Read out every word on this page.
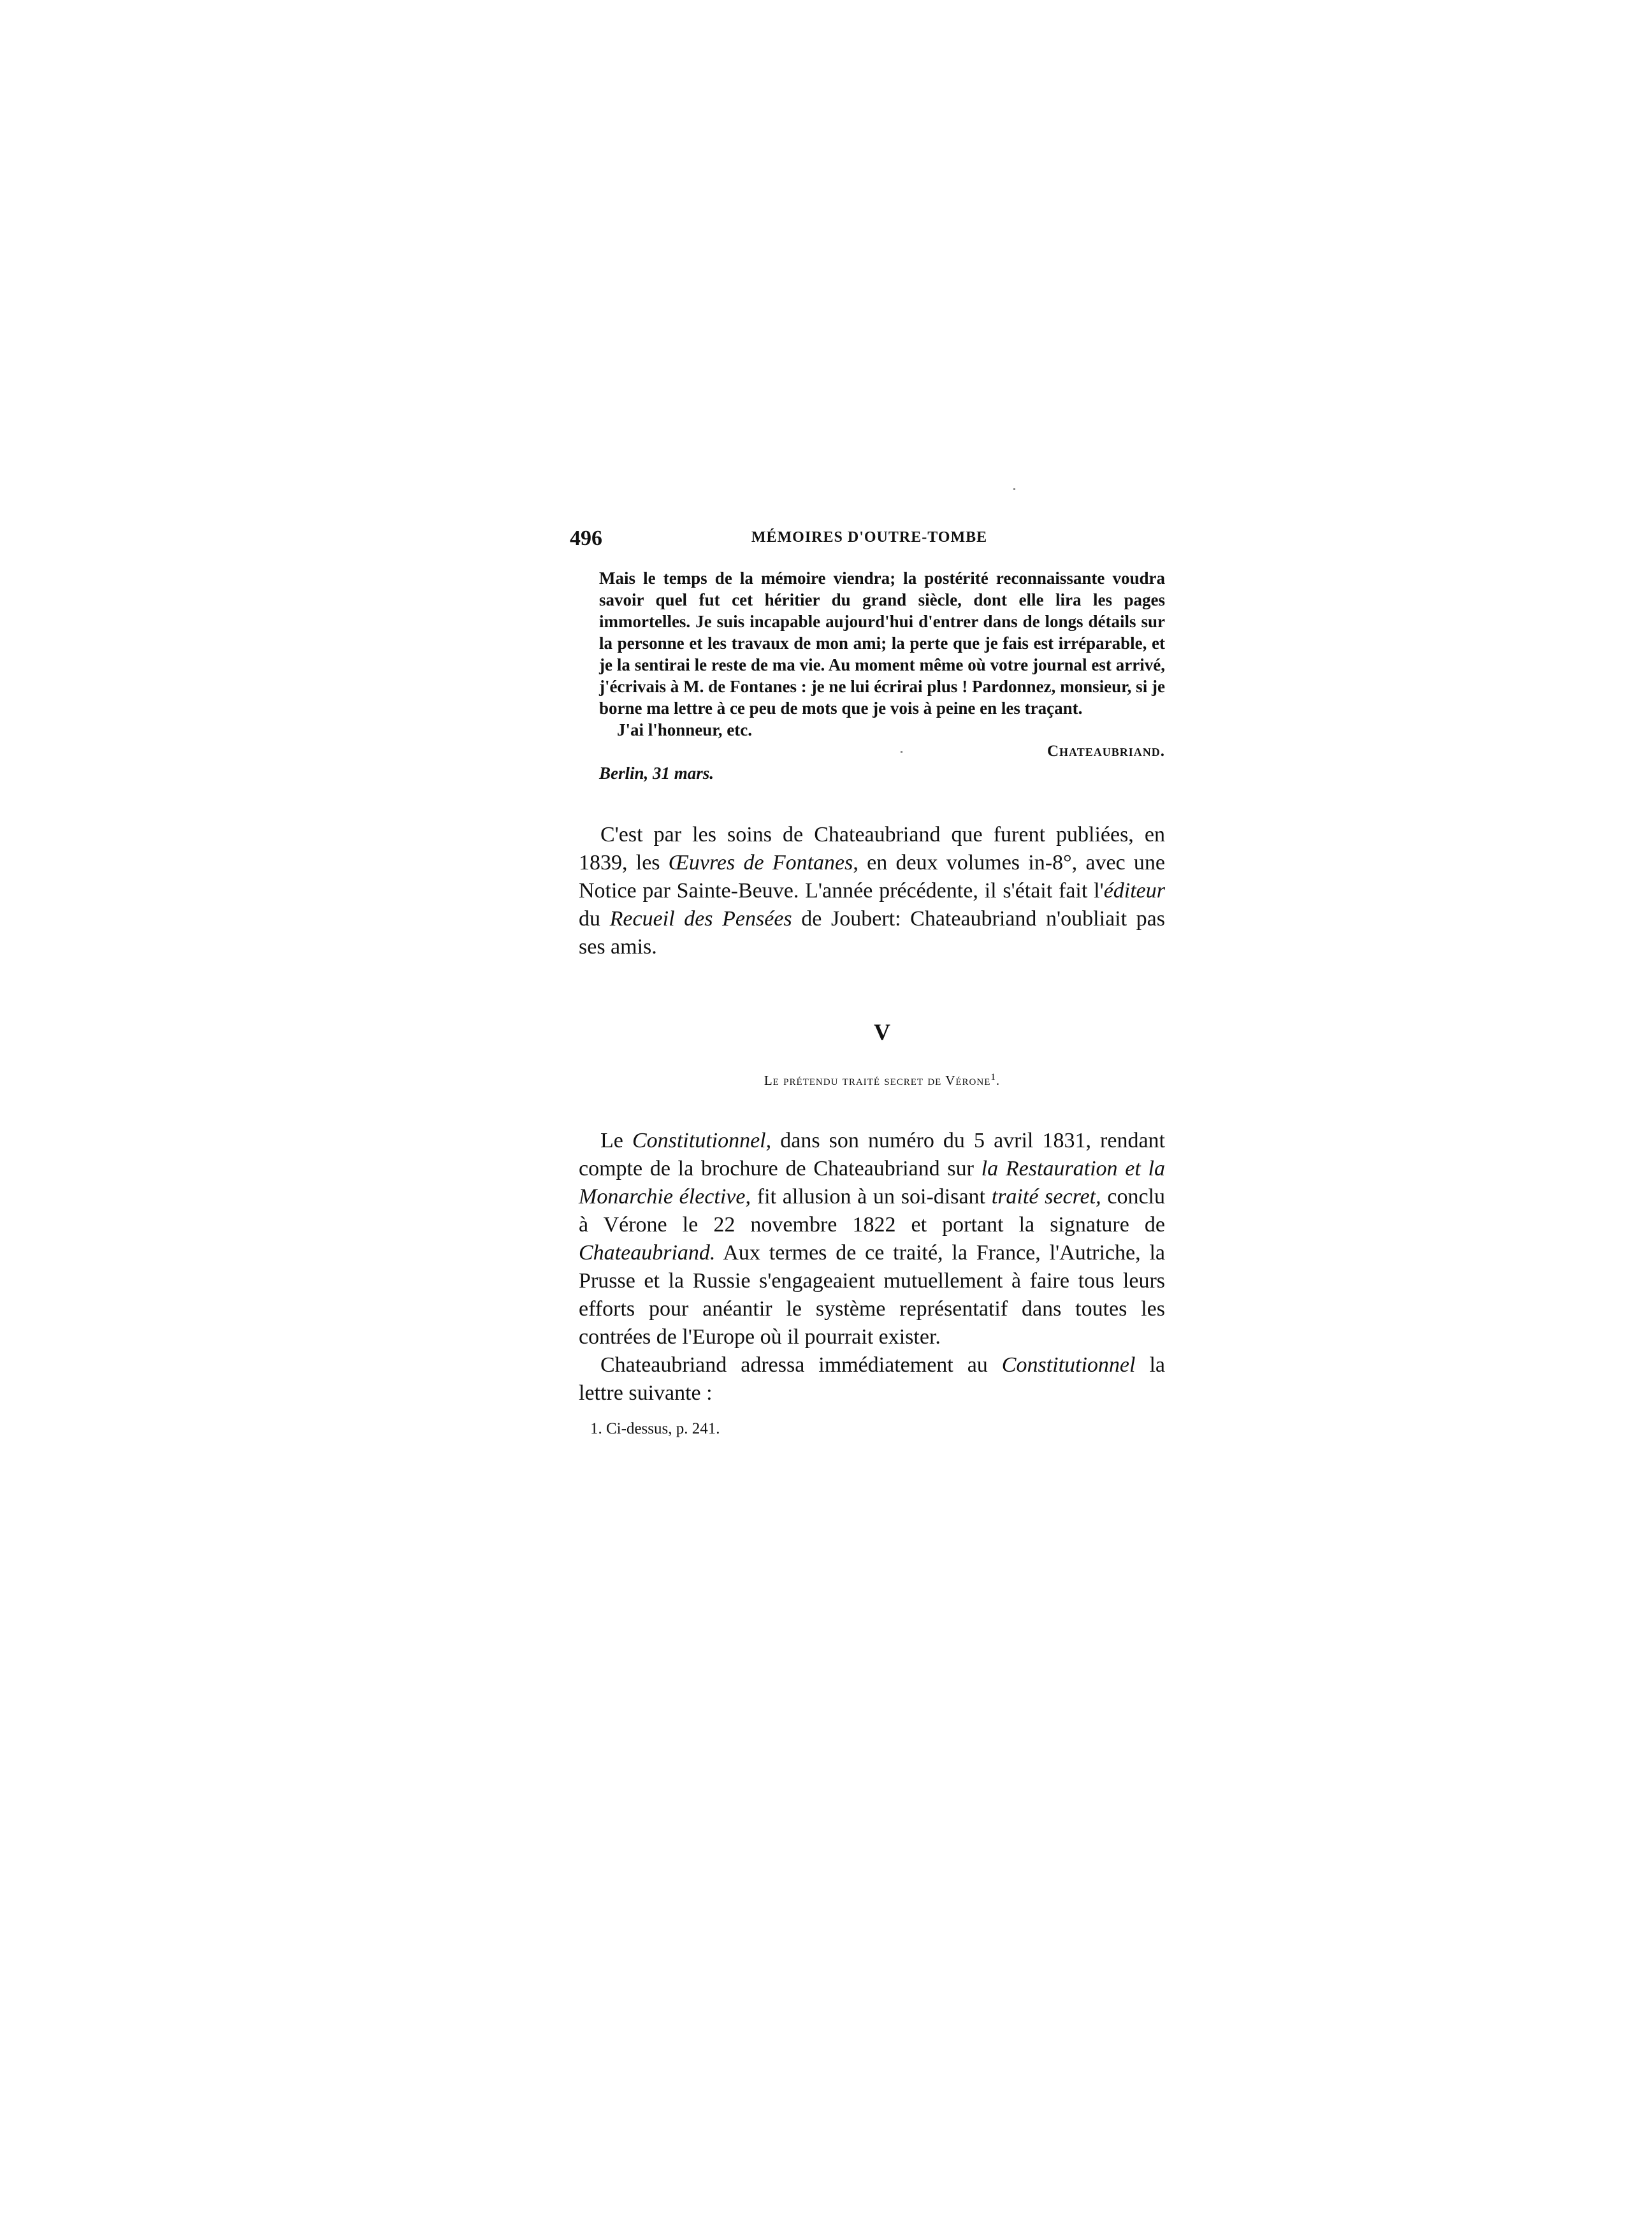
496	MÉMOIRES D'OUTRE-TOMBE

Mais le temps de la mémoire viendra; la postérité reconnaissante voudra savoir quel fut cet héritier du grand siècle, dont elle lira les pages immortelles. Je suis incapable aujourd'hui d'entrer dans de longs détails sur la personne et les travaux de mon ami; la perte que je fais est irréparable, et je la sentirai le reste de ma vie. Au moment même où votre journal est arrivé, j'écrivais à M. de Fontanes : je ne lui écrirai plus ! Pardonnez, monsieur, si je borne ma lettre à ce peu de mots que je vois à peine en les traçant.

J'ai l'honneur, etc.

Chateaubriand.

Berlin, 31 mars.

C'est par les soins de Chateaubriand que furent publiées, en 1839, les Œuvres de Fontanes, en deux volumes in-8°, avec une Notice par Sainte-Beuve. L'année précédente, il s'était fait l'éditeur du Recueil des Pensées de Joubert: Chateaubriand n'oubliait pas ses amis.

V
Le prétendu traité secret de Vérone$^1$.

Le Constitutionnel, dans son numéro du 5 avril 1831, rendant compte de la brochure de Chateaubriand sur la Restauration et la Monarchie élective, fit allusion à un soi-disant traité secret, conclu à Vérone le 22 novembre 1822 et portant la signature de Chateaubriand. Aux termes de ce traité, la France, l'Autriche, la Prusse et la Russie s'engageaient mutuellement à faire tous leurs efforts pour anéantir le système représentatif dans toutes les contrées de l'Europe où il pourrait exister.

Chateaubriand adressa immédiatement au Constitutionnel la lettre suivante :

1. Ci-dessus, p. 241.
